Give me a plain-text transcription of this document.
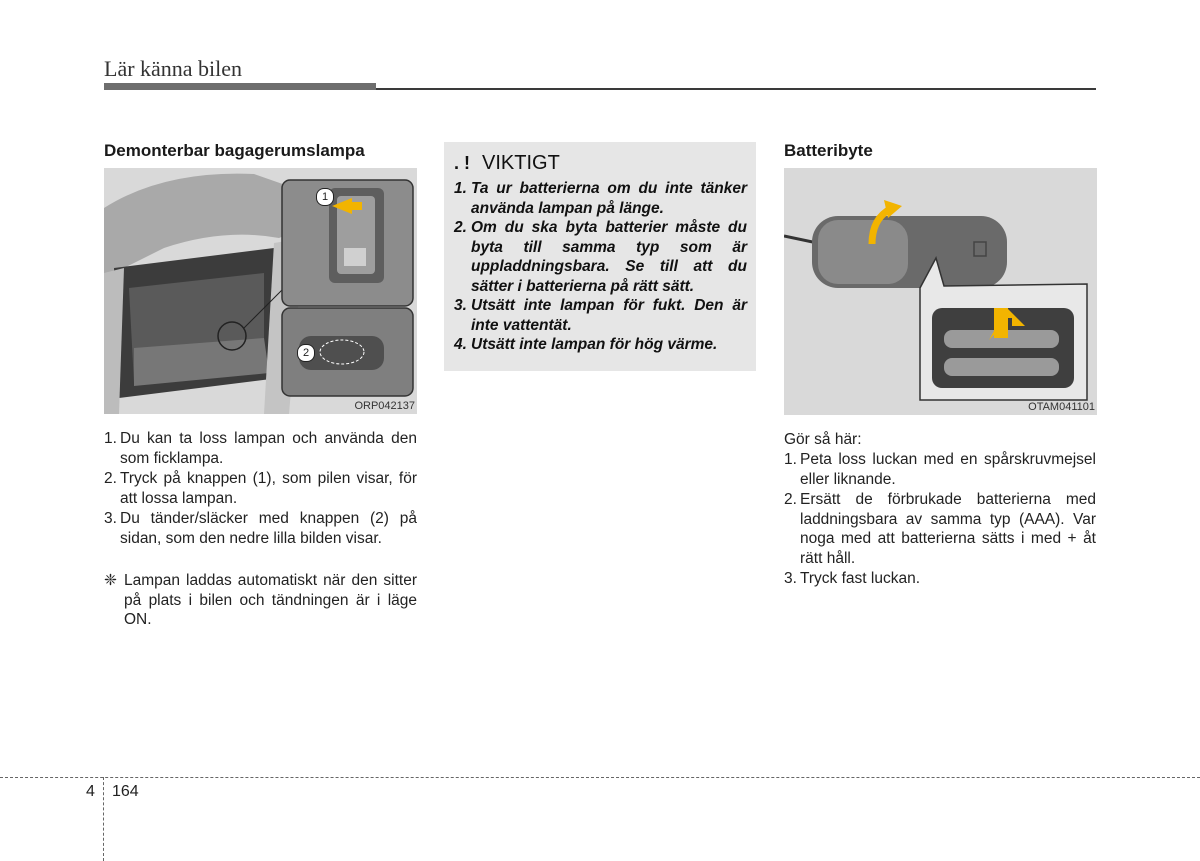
Lär känna bilen
Demonterbar bagagerumslampa
1
2
ORP042137
1. Du kan ta loss lampan och använda den som ficklampa.
2. Tryck på knappen (1), som pilen visar, för att lossa lampan.
3. Du tänder/släcker med knappen (2) på sidan, som den nedre lilla bilden visar.
❈ Lampan laddas automatiskt när den sitter på plats i bilen och tändningen är i läge ON.
. ! VIKTIGT
1. Ta ur batterierna om du inte tänker använda lampan på länge.
2. Om du ska byta batterier måste du byta till samma typ som är uppladdningsbara. Se till att du sätter i batterierna på rätt sätt.
3. Utsätt inte lampan för fukt. Den är inte vattentät.
4. Utsätt inte lampan för hög värme.
Batteribyte
OTAM041101
Gör så här:
1. Peta loss luckan med en spårskruvmejsel eller liknande.
2. Ersätt de förbrukade batterierna med laddningsbara av samma typ (AAA). Var noga med att batterierna sätts i med + åt rätt håll.
3. Tryck fast luckan.
4 164
